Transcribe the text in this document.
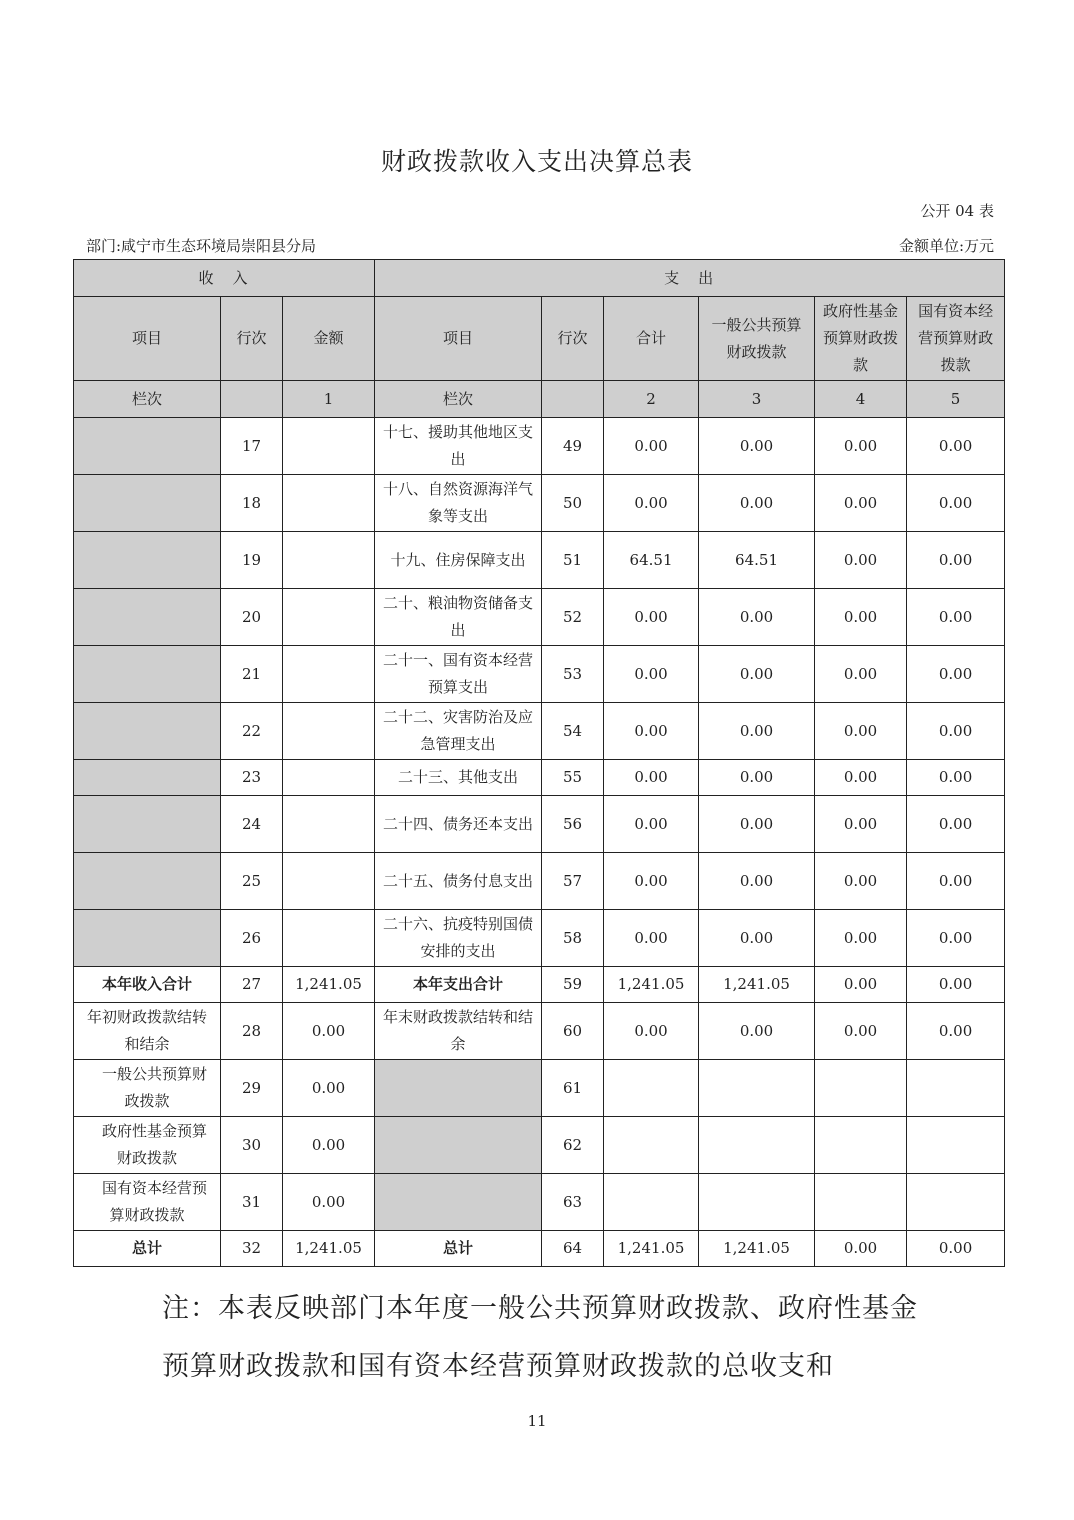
财政拨款收入支出决算总表
公开 04 表
部门:咸宁市生态环境局崇阳县分局	金额单位:万元
收　入			支　出					
项目	行次	金额	项目	行次	合计	一般公共预算财政拨款	政府性基金预算财政拨款	国有资本经营预算财政拨款
栏次		1	栏次		2	3	4	5
	17		十七、援助其他地区支出	49	0.00	0.00	0.00	0.00
	18		十八、自然资源海洋气象等支出	50	0.00	0.00	0.00	0.00
	19		十九、住房保障支出	51	64.51	64.51	0.00	0.00
	20		二十、粮油物资储备支出	52	0.00	0.00	0.00	0.00
	21		二十一、国有资本经营预算支出	53	0.00	0.00	0.00	0.00
	22		二十二、灾害防治及应急管理支出	54	0.00	0.00	0.00	0.00
	23		二十三、其他支出	55	0.00	0.00	0.00	0.00
	24		二十四、债务还本支出	56	0.00	0.00	0.00	0.00
	25		二十五、债务付息支出	57	0.00	0.00	0.00	0.00
	26		二十六、抗疫特别国债安排的支出	58	0.00	0.00	0.00	0.00
本年收入合计	27	1,241.05	本年支出合计	59	1,241.05	1,241.05	0.00	0.00
年初财政拨款结转和结余	28	0.00	年末财政拨款结转和结余	60	0.00	0.00	0.00	0.00
一般公共预算财政拨款	29	0.00		61				
政府性基金预算财政拨款	30	0.00		62				
国有资本经营预算财政拨款	31	0.00		63				
总计	32	1,241.05	总计	64	1,241.05	1,241.05	0.00	0.00
注：本表反映部门本年度一般公共预算财政拨款、政府性基金预算财政拨款和国有资本经营预算财政拨款的总收支和
11
